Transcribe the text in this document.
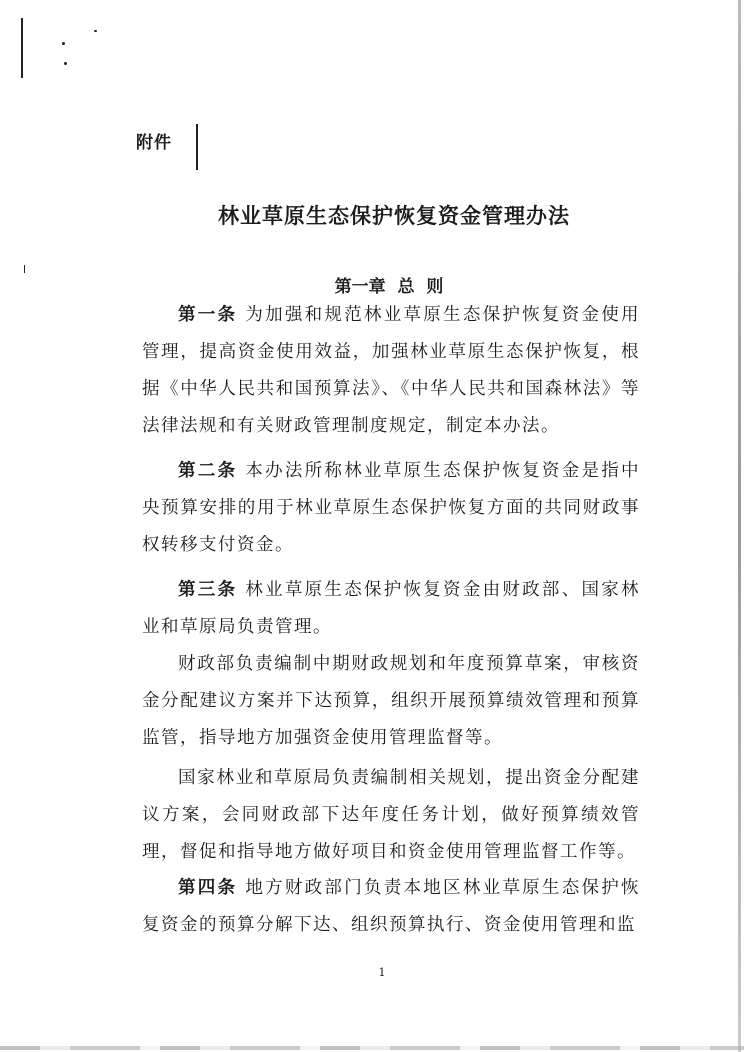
附件
林业草原生态保护恢复资金管理办法
第一章 总 则

第一条 为加强和规范林业草原生态保护恢复资金使用管理，提高资金使用效益，加强林业草原生态保护恢复，根据《中华人民共和国预算法》、《中华人民共和国森林法》等法律法规和有关财政管理制度规定，制定本办法。

第二条 本办法所称林业草原生态保护恢复资金是指中央预算安排的用于林业草原生态保护恢复方面的共同财政事权转移支付资金。

第三条 林业草原生态保护恢复资金由财政部、国家林业和草原局负责管理。

财政部负责编制中期财政规划和年度预算草案，审核资金分配建议方案并下达预算，组织开展预算绩效管理和预算监管，指导地方加强资金使用管理监督等。

国家林业和草原局负责编制相关规划，提出资金分配建议方案，会同财政部下达年度任务计划，做好预算绩效管理，督促和指导地方做好项目和资金使用管理监督工作等。

第四条 地方财政部门负责本地区林业草原生态保护恢复资金的预算分解下达、组织预算执行、资金使用管理和监

1
